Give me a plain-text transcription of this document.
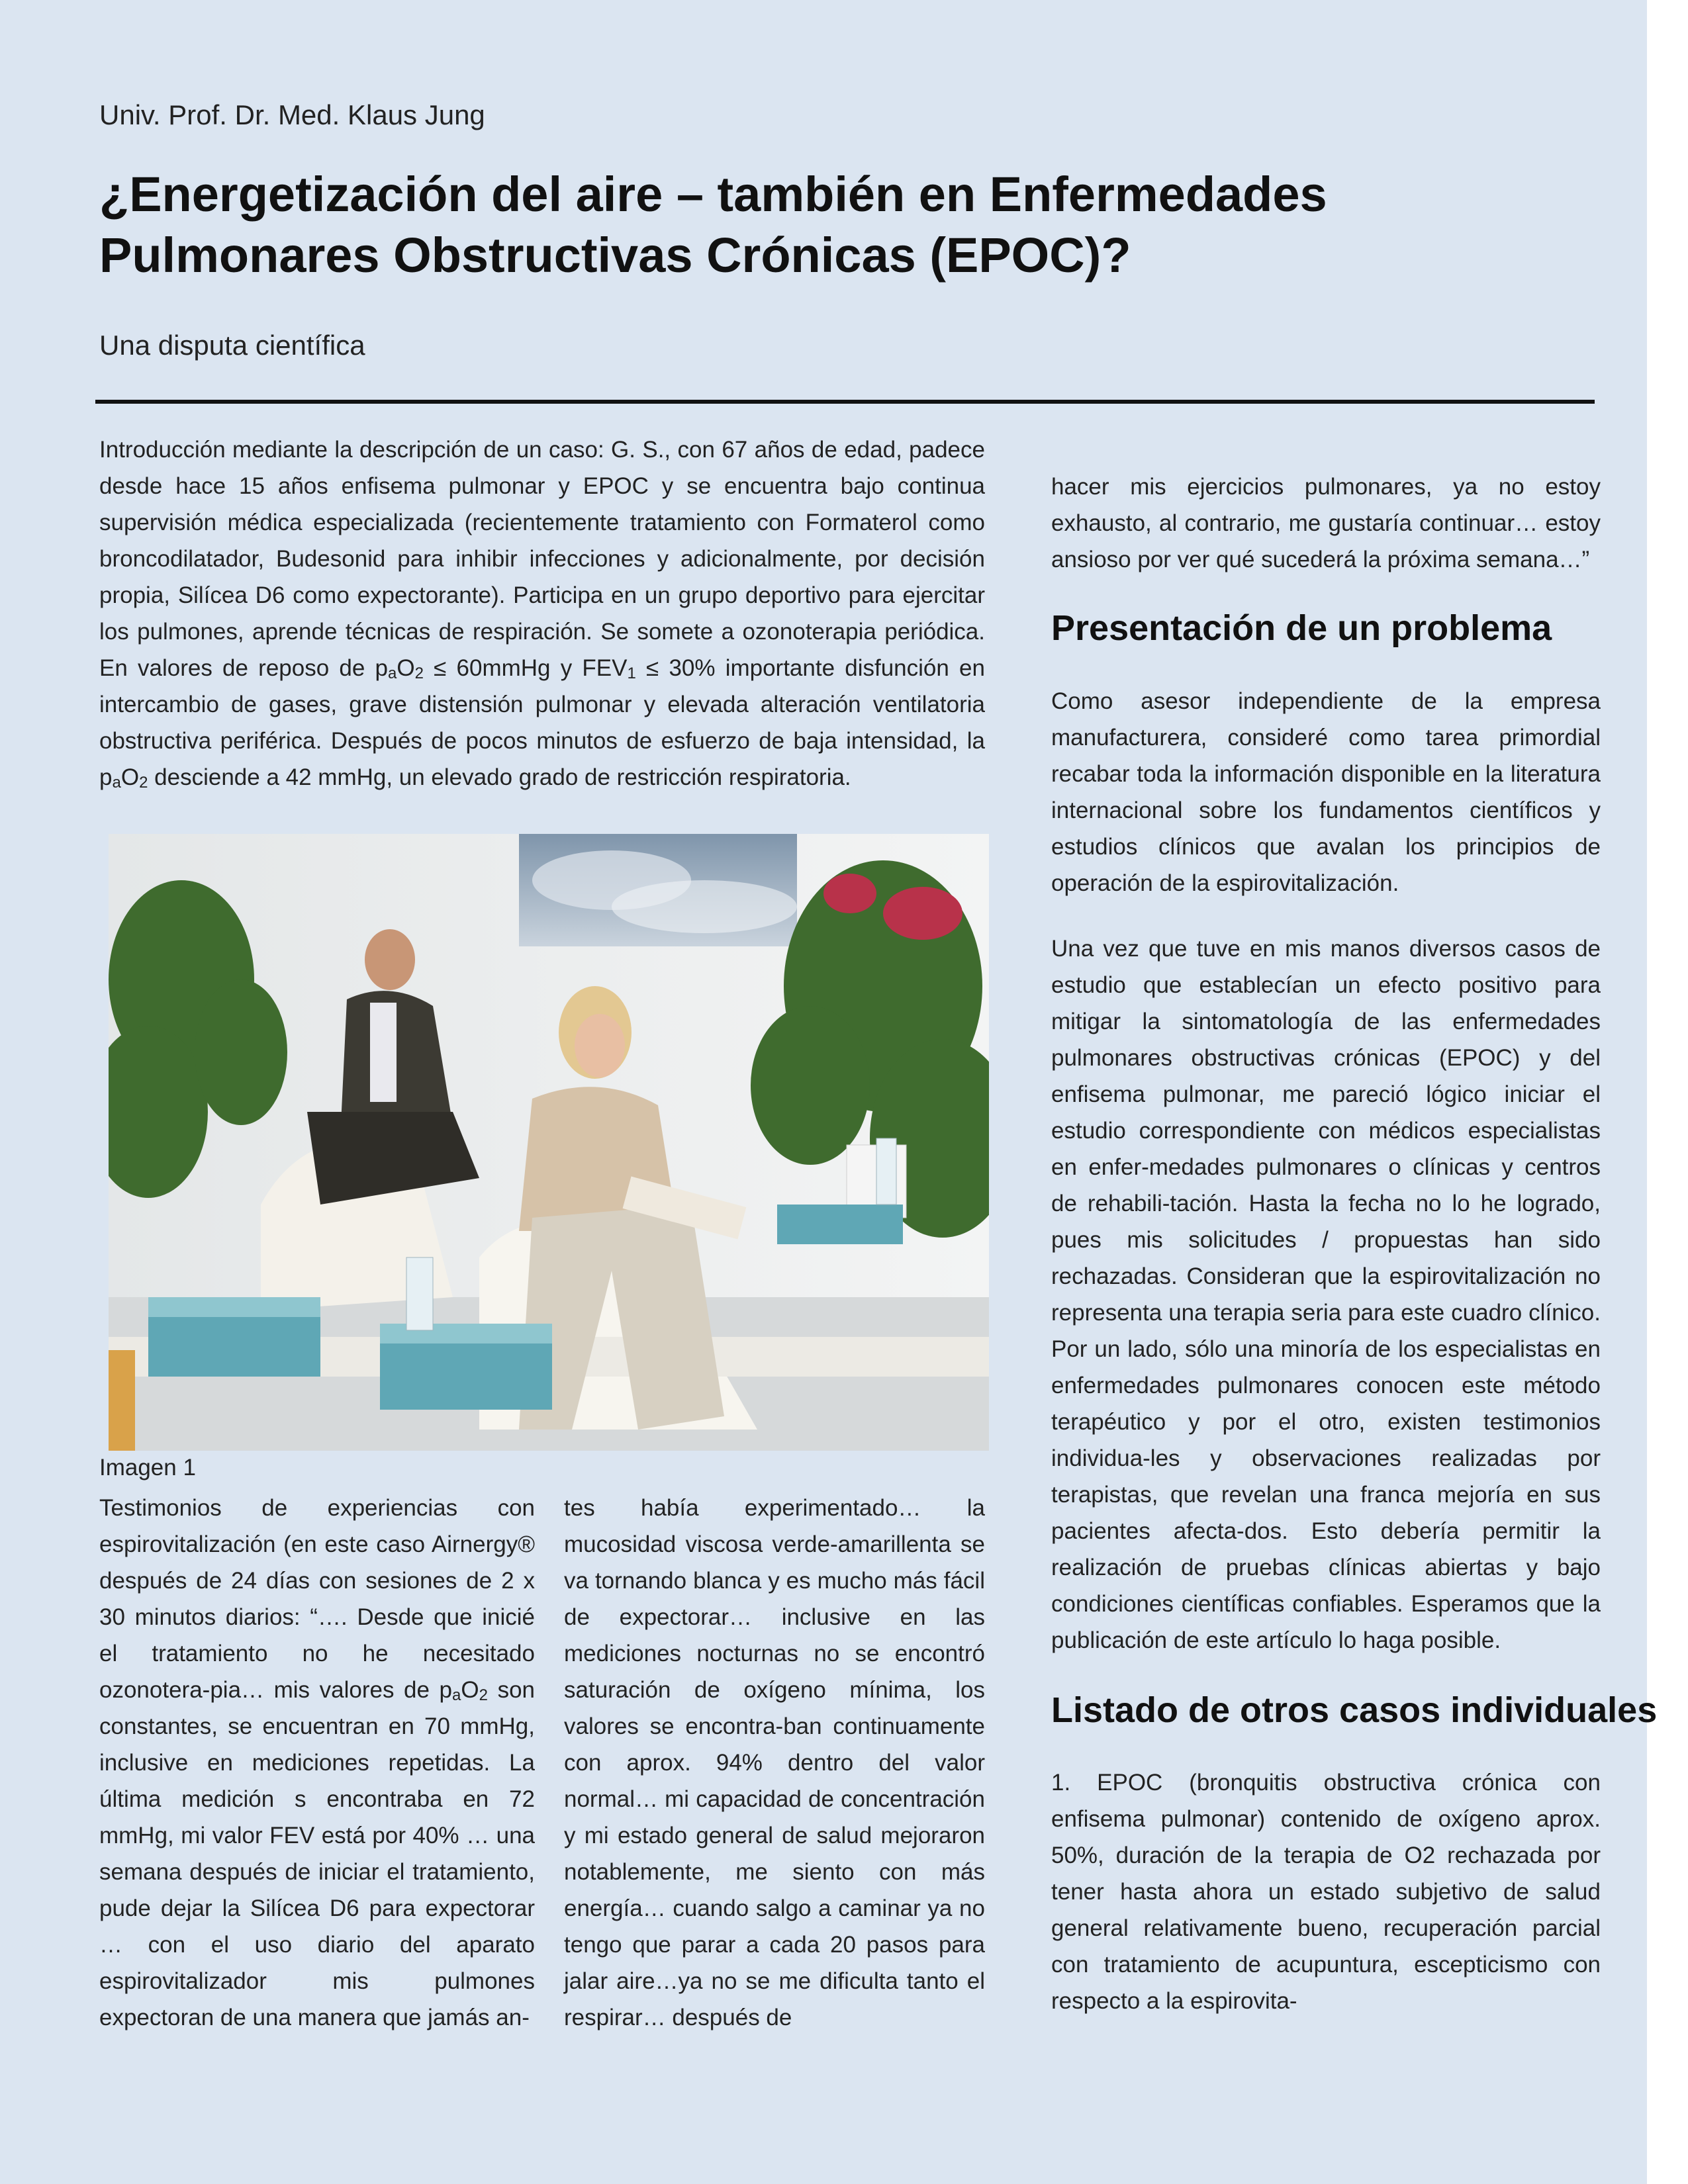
Univ. Prof. Dr. Med. Klaus Jung
¿Energetización del aire – también en Enfermedades
Pulmonares Obstructivas Crónicas (EPOC)?
Una disputa científica

Introducción mediante la descripción de un caso: G. S., con 67 años de edad, padece desde hace 15 años enfisema pulmonar y EPOC y se encuentra bajo continua supervisión médica especializada (recientemente tratamiento con Formaterol como broncodilatador, Budesonid para inhibir infecciones y adicionalmente, por decisión propia, Silícea D6 como expectorante). Participa en un grupo deportivo para ejercitar los pulmones, aprende técnicas de respiración. Se somete a ozonoterapia periódica. En valores de reposo de $p_aO_2$ ≤ 60mmHg y $FEV_1 \le 30\%$ importante disfunción en intercambio de gases, grave distensión pulmonar y elevada alteración ventilatoria obstructiva periférica. Después de pocos minutos de esfuerzo de baja intensidad, la $p_aO_2$ desciende a 42 mmHg, un elevado grado de restricción respiratoria.

Imagen 1

Testimonios de experiencias con espirovitalización (en este caso Airnergy® después de 24 días con sesiones de 2 x 30 minutos diarios: “…. Desde que inicié el tratamiento no he necesitado ozonotera-pia… mis valores de $p_aO_2$ son constantes, se encuentran en 70 mmHg, inclusive en mediciones repetidas. La última medición s encontraba en 72 mmHg, mi valor FEV está por 40% … una semana después de iniciar el tratamiento, pude dejar la Silícea D6 para expectorar … con el uso diario del aparato espirovitalizador mis pulmones expectoran de una manera que jamás an-

tes había experimentado… la mucosidad viscosa verde-amarillenta se va tornando blanca y es mucho más fácil de expectorar… inclusive en las mediciones nocturnas no se encontró saturación de oxígeno mínima, los valores se encontra-ban continuamente con aprox. 94% dentro del valor normal… mi capacidad de concentración y mi estado general de salud mejoraron notablemente, me siento con más energía… cuando salgo a caminar ya no tengo que parar a cada 20 pasos para jalar aire…ya no se me dificulta tanto el respirar… después de

hacer mis ejercicios pulmonares, ya no estoy exhausto, al contrario, me gustaría continuar… estoy ansioso por ver qué sucederá la próxima semana…”

Presentación de un problema

Como asesor independiente de la empresa manufacturera, consideré como tarea primordial recabar toda la información disponible en la literatura internacional sobre los fundamentos científicos y estudios clínicos que avalan los principios de operación de la espirovitalización.

Una vez que tuve en mis manos diversos casos de estudio que establecían un efecto positivo para mitigar la sintomatología de las enfermedades pulmonares obstructivas crónicas (EPOC) y del enfisema pulmonar, me pareció lógico iniciar el estudio correspondiente con médicos especialistas en enfer-medades pulmonares o clínicas y centros de rehabili-tación. Hasta la fecha no lo he logrado, pues mis solicitudes / propuestas han sido rechazadas. Consideran que la espirovitalización no representa una terapia seria para este cuadro clínico. Por un lado, sólo una minoría de los especialistas en enfermedades pulmonares conocen este método terapéutico y por el otro, existen testimonios individua-les y observaciones realizadas por terapistas, que revelan una franca mejoría en sus pacientes afecta-dos. Esto debería permitir la realización de pruebas clínicas abiertas y bajo condiciones científicas confiables. Esperamos que la publicación de este artículo lo haga posible.

Listado de otros casos individuales

1. EPOC (bronquitis obstructiva crónica con enfisema pulmonar) contenido de oxígeno aprox. 50%, duración de la terapia de O2 rechazada por tener hasta ahora un estado subjetivo de salud general relativamente bueno, recuperación parcial con tratamiento de acupuntura, escepticismo con respecto a la espirovita-
